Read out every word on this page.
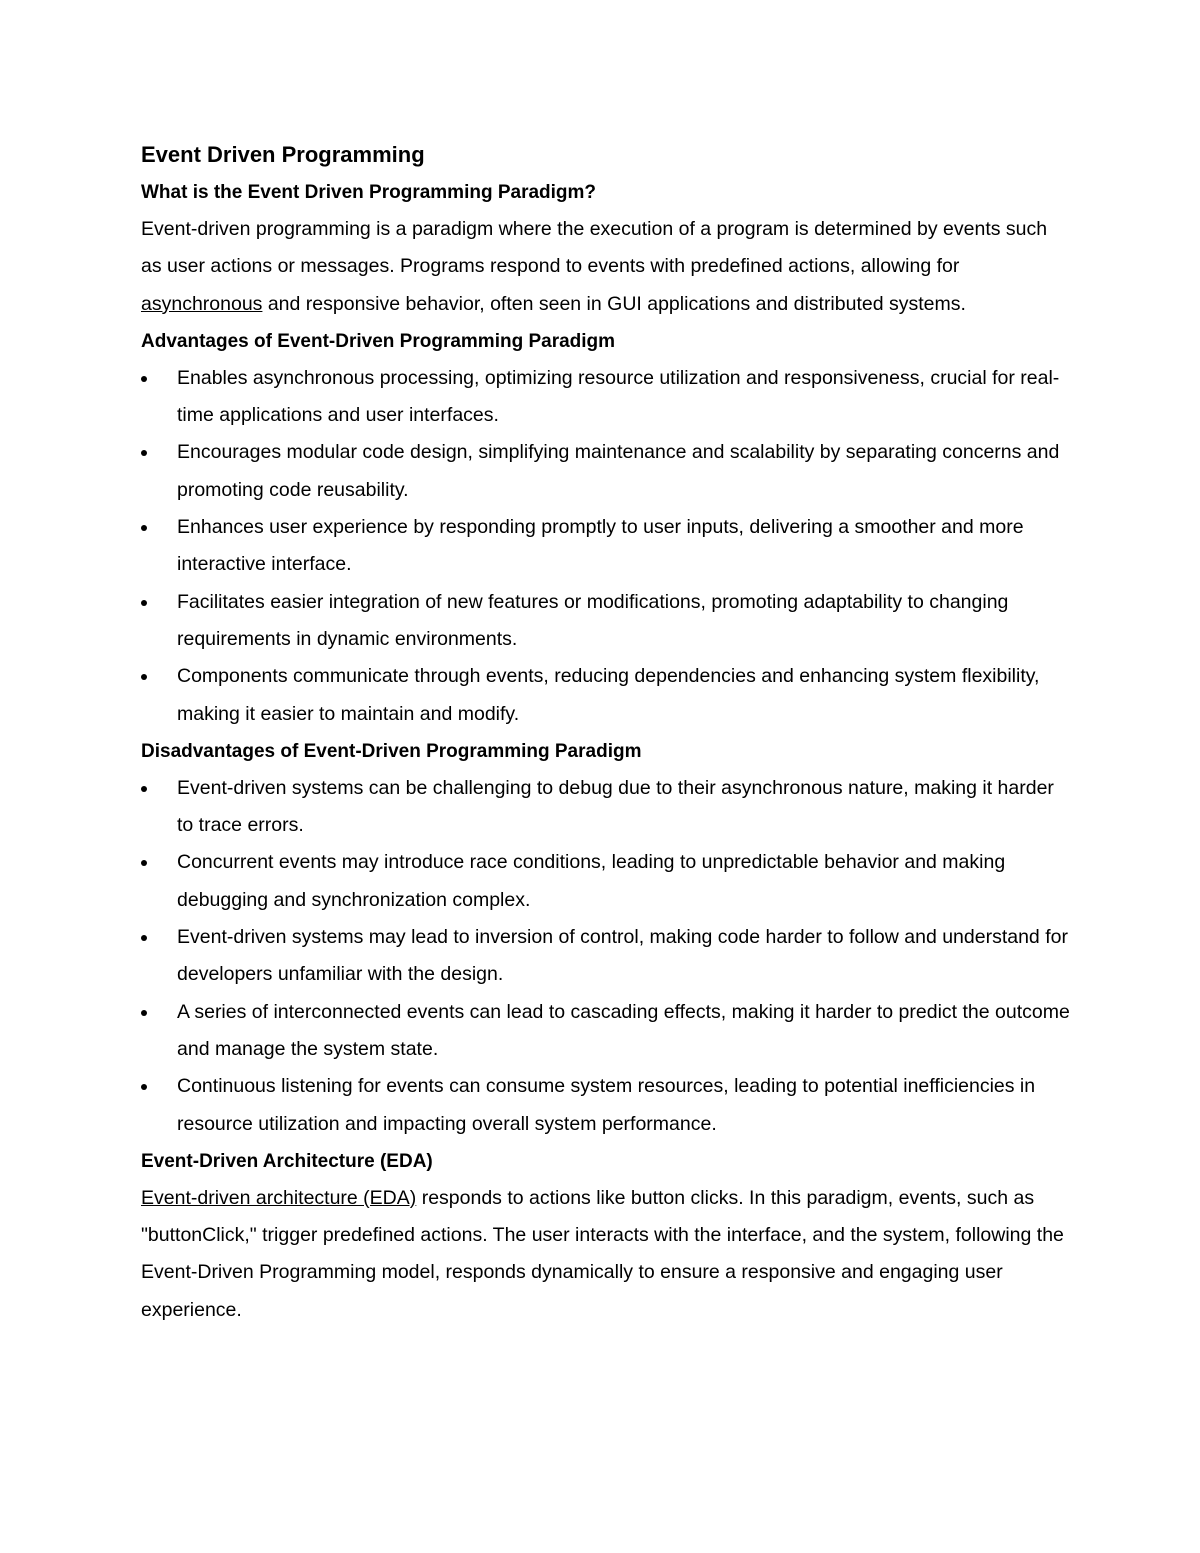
Event Driven Programming
What is the Event Driven Programming Paradigm?

Event-driven programming is a paradigm where the execution of a program is determined by events such as user actions or messages. Programs respond to events with predefined actions, allowing for asynchronous and responsive behavior, often seen in GUI applications and distributed systems.

Advantages of Event-Driven Programming Paradigm
Enables asynchronous processing, optimizing resource utilization and responsiveness, crucial for real-time applications and user interfaces.
Encourages modular code design, simplifying maintenance and scalability by separating concerns and promoting code reusability.
Enhances user experience by responding promptly to user inputs, delivering a smoother and more interactive interface.
Facilitates easier integration of new features or modifications, promoting adaptability to changing requirements in dynamic environments.
Components communicate through events, reducing dependencies and enhancing system flexibility, making it easier to maintain and modify.
Disadvantages of Event-Driven Programming Paradigm
Event-driven systems can be challenging to debug due to their asynchronous nature, making it harder to trace errors.
Concurrent events may introduce race conditions, leading to unpredictable behavior and making debugging and synchronization complex.
Event-driven systems may lead to inversion of control, making code harder to follow and understand for developers unfamiliar with the design.
A series of interconnected events can lead to cascading effects, making it harder to predict the outcome and manage the system state.
Continuous listening for events can consume system resources, leading to potential inefficiencies in resource utilization and impacting overall system performance.
Event-Driven Architecture (EDA)

Event-driven architecture (EDA) responds to actions like button clicks. In this paradigm, events, such as "buttonClick," trigger predefined actions. The user interacts with the interface, and the system, following the Event-Driven Programming model, responds dynamically to ensure a responsive and engaging user experience.
